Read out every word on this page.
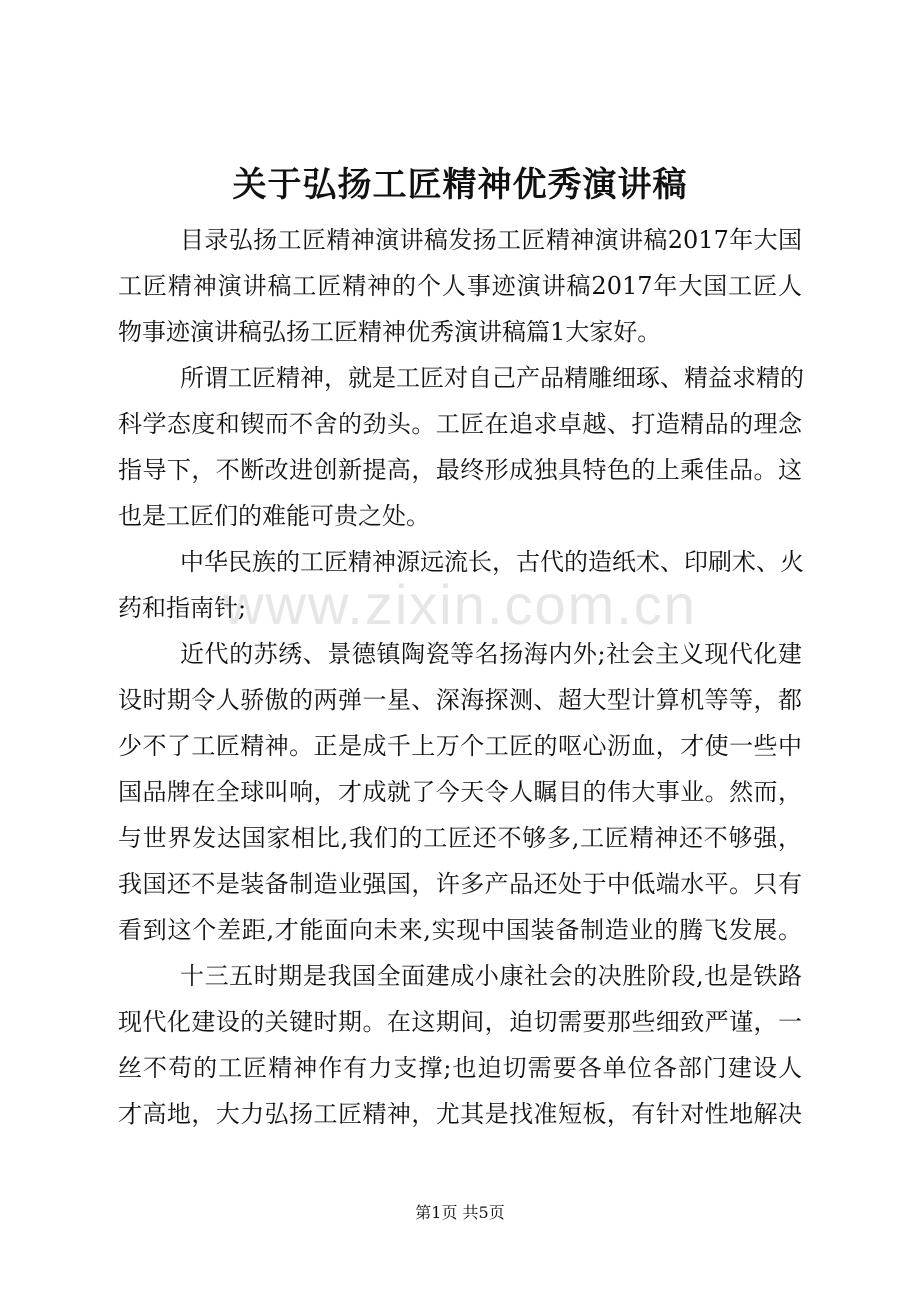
关于弘扬工匠精神优秀演讲稿
www.zixin.com.cn
目录弘扬工匠精神演讲稿发扬工匠精神演讲稿2017年大国
工匠精神演讲稿工匠精神的个人事迹演讲稿2017年大国工匠人
物事迹演讲稿弘扬工匠精神优秀演讲稿篇1大家好。
所谓工匠精神，就是工匠对自己产品精雕细琢、精益求精的
科学态度和锲而不舍的劲头。工匠在追求卓越、打造精品的理念
指导下，不断改进创新提高，最终形成独具特色的上乘佳品。这
也是工匠们的难能可贵之处。
中华民族的工匠精神源远流长，古代的造纸术、印刷术、火
药和指南针;
近代的苏绣、景德镇陶瓷等名扬海内外;社会主义现代化建
设时期令人骄傲的两弹一星、深海探测、超大型计算机等等，都
少不了工匠精神。正是成千上万个工匠的呕心沥血，才使一些中
国品牌在全球叫响，才成就了今天令人瞩目的伟大事业。然而，
与世界发达国家相比,我们的工匠还不够多,工匠精神还不够强，
我国还不是装备制造业强国，许多产品还处于中低端水平。只有
看到这个差距,才能面向未来,实现中国装备制造业的腾飞发展。
十三五时期是我国全面建成小康社会的决胜阶段,也是铁路
现代化建设的关键时期。在这期间，迫切需要那些细致严谨，一
丝不苟的工匠精神作有力支撑;也迫切需要各单位各部门建设人
才高地，大力弘扬工匠精神，尤其是找准短板，有针对性地解决
第1页 共5页
